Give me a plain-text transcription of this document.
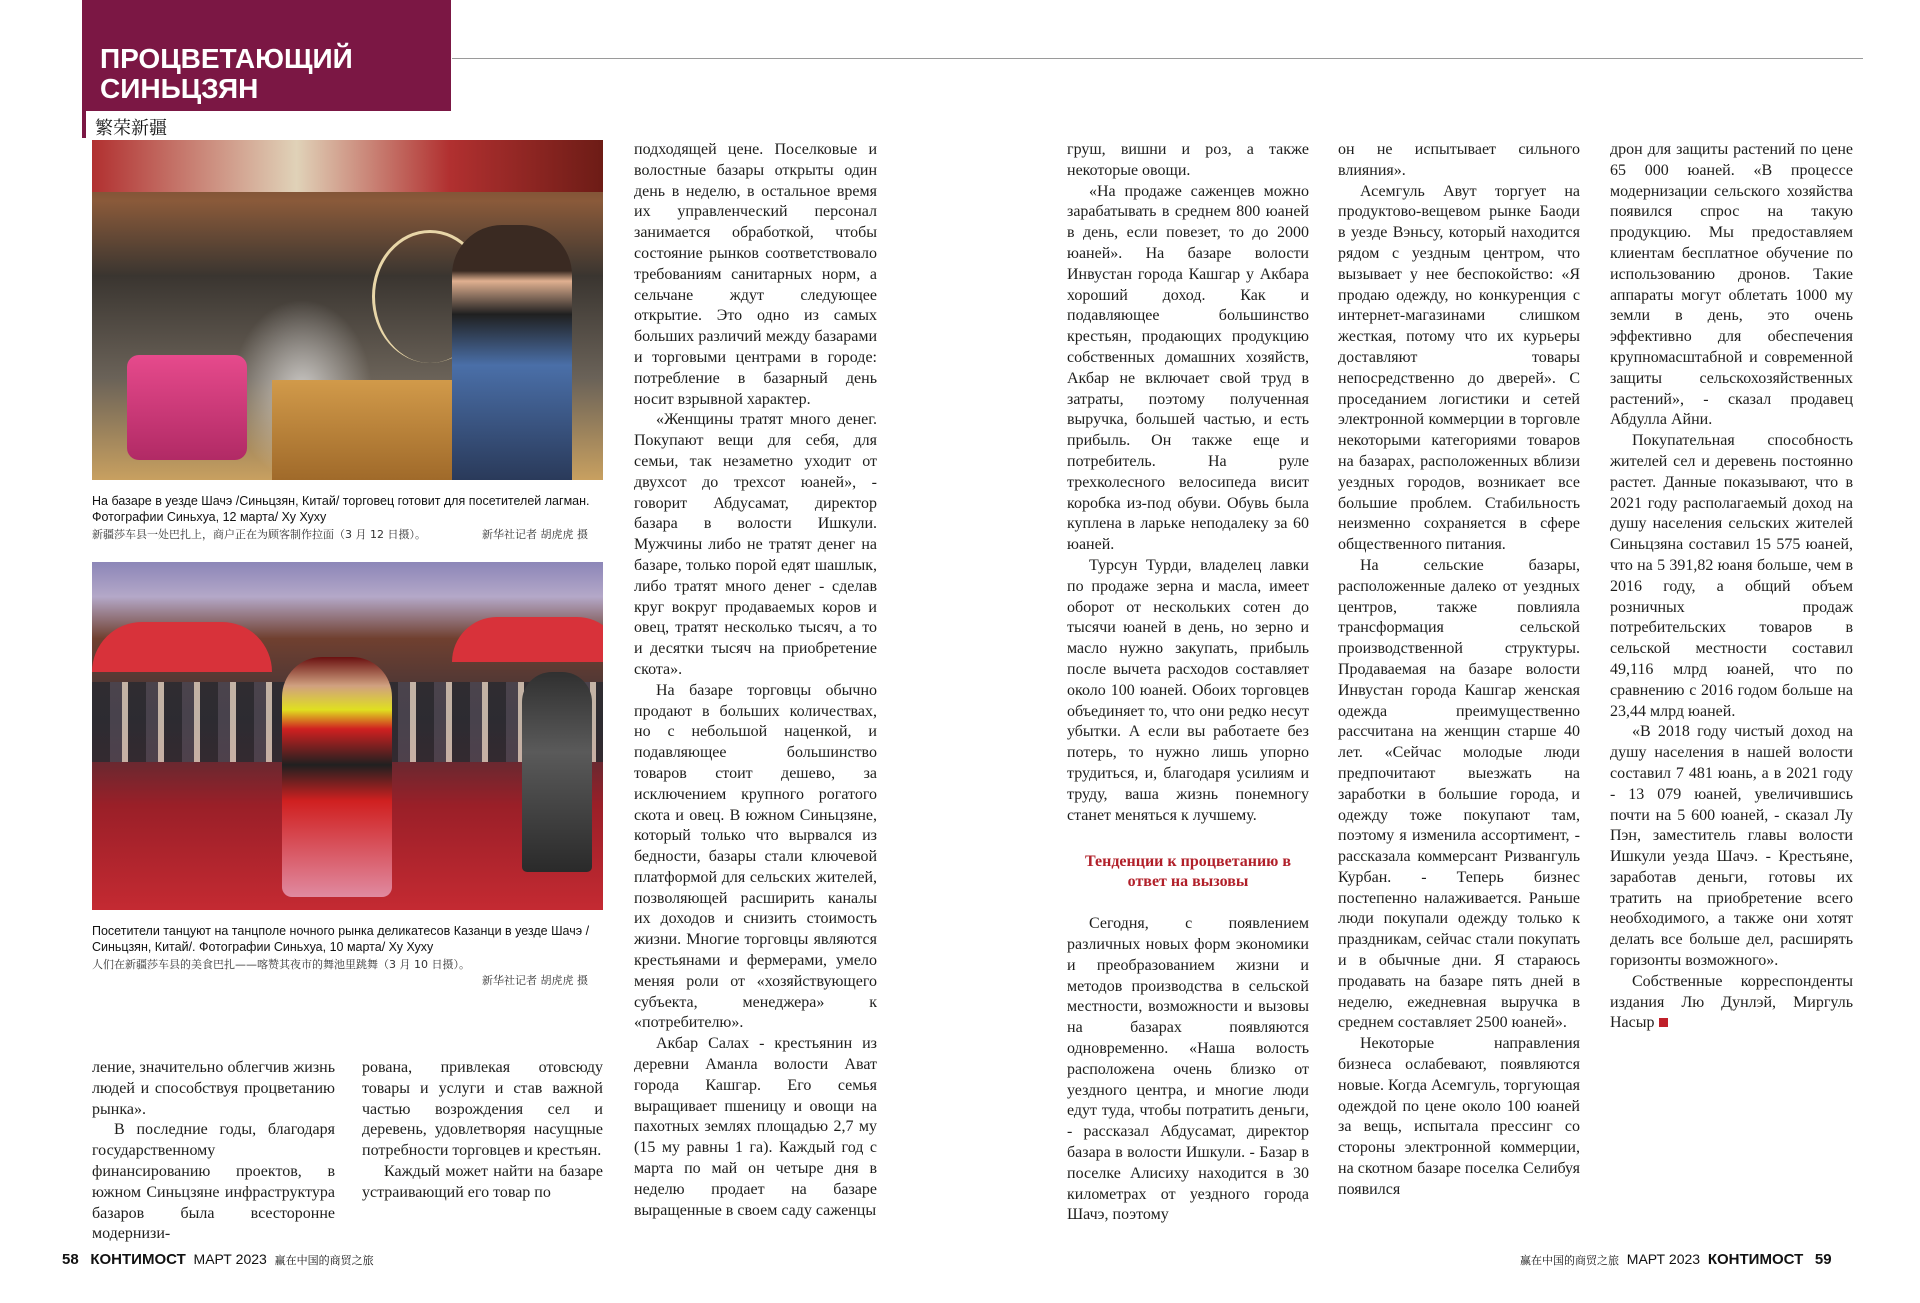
ПРОЦВЕТАЮЩИЙ
СИНЬЦЗЯН
繁荣新疆
На базаре в уезде Шачэ /Синьцзян, Китай/ торговец готовит для посетителей лагман. Фотографии Синьхуа, 12 марта/ Ху Хуху
新疆莎车县一处巴扎上，商户正在为顾客制作拉面（3 月 12 日摄）。	新华社记者 胡虎虎 摄
Посетители танцуют на танцполе ночного рынка деликатесов Казанци в уезде Шачэ /Синьцзян, Китай/. Фотографии Синьхуа, 10 марта/ Ху Хуху
人们在新疆莎车县的美食巴扎——喀赞其夜市的舞池里跳舞（3 月 10 日摄）。
新华社记者 胡虎虎 摄

ление, значительно облегчив жизнь людей и способствуя процветанию рынка».

В последние годы, благодаря государственному финансированию проектов, в южном Синьцзяне инфраструктура базаров была всесторонне модернизи-

рована, привлекая отовсюду товары и услуги и став важной частью возрождения сел и деревень, удовлетворяя насущные потребности торговцев и крестьян.

Каждый может найти на базаре устраивающий его товар по

подходящей цене. Поселковые и волостные базары открыты один день в неделю, в остальное время их управленческий персонал занимается обработкой, чтобы состояние рынков соответствовало требованиям санитарных норм, а сельчане ждут следующее открытие. Это одно из самых больших различий между базарами и торговыми центрами в городе: потребление в базарный день носит взрывной характер.

«Женщины тратят много денег. Покупают вещи для себя, для семьи, так незаметно уходит от двухсот до трехсот юаней», - говорит Абдусамат, директор базара в волости Ишкули. Мужчины либо не тратят денег на базаре, только порой едят шашлык, либо тратят много денег - сделав круг вокруг продаваемых коров и овец, тратят несколько тысяч, а то и десятки тысяч на приобретение скота».

На базаре торговцы обычно продают в больших количествах, но с небольшой наценкой, и подавляющее большинство товаров стоит дешево, за исключением крупного рогатого скота и овец. В южном Синьцзяне, который только что вырвался из бедности, базары стали ключевой платформой для сельских жителей, позволяющей расширить каналы их доходов и снизить стоимость жизни. Многие торговцы являются крестьянами и фермерами, умело меняя роли от «хозяйствующего субъекта, менеджера» к «потребителю».

Акбар Салах - крестьянин из деревни Аманла волости Ават города Кашгар. Его семья выращивает пшеницу и овощи на пахотных землях площадью 2,7 му (15 му равны 1 га). Каждый год с марта по май он четыре дня в неделю продает на базаре выращенные в своем саду саженцы

груш, вишни и роз, а также некоторые овощи.

«На продаже саженцев можно зарабатывать в среднем 800 юаней в день, если повезет, то до 2000 юаней». На базаре волости Инвустан города Кашгар у Акбара хороший доход. Как и подавляющее большинство крестьян, продающих продукцию собственных домашних хозяйств, Акбар не включает свой труд в затраты, поэтому полученная выручка, большей частью, и есть прибыль. Он также еще и потребитель. На руле трехколесного велосипеда висит коробка из-под обуви. Обувь была куплена в ларьке неподалеку за 60 юаней.

Турсун Турди, владелец лавки по продаже зерна и масла, имеет оборот от нескольких сотен до тысячи юаней в день, но зерно и масло нужно закупать, прибыль после вычета расходов составляет около 100 юаней. Обоих торговцев объединяет то, что они редко несут убытки. А если вы работаете без потерь, то нужно лишь упорно трудиться, и, благодаря усилиям и труду, ваша жизнь понемногу станет меняться к лучшему.

Тенденции к процветанию в ответ на вызовы

Сегодня, с появлением различных новых форм экономики и преобразованием жизни и методов производства в сельской местности, возможности и вызовы на базарах появляются одновременно. «Наша волость расположена очень близко от уездного центра, и многие люди едут туда, чтобы потратить деньги, - рассказал Абдусамат, директор базара в волости Ишкули. - Базар в поселке Алисиху находится в 30 километрах от уездного города Шачэ, поэтому

он не испытывает сильного влияния».

Асемгуль Авут торгует на продуктово-вещевом рынке Баоди в уезде Вэньсу, который находится рядом с уездным центром, что вызывает у нее беспокойство: «Я продаю одежду, но конкуренция с интернет-магазинами слишком жесткая, потому что их курьеры доставляют товары непосредственно до дверей». С проседанием логистики и сетей электронной коммерции в торговле некоторыми категориями товаров на базарах, расположенных вблизи уездных городов, возникает все большие проблем. Стабильность неизменно сохраняется в сфере общественного питания.

На сельские базары, расположенные далеко от уездных центров, также повлияла трансформация сельской производственной структуры. Продаваемая на базаре волости Инвустан города Кашгар женская одежда преимущественно рассчитана на женщин старше 40 лет. «Сейчас молодые люди предпочитают выезжать на заработки в большие города, и одежду тоже покупают там, поэтому я изменила ассортимент, - рассказала коммерсант Ризвангуль Курбан. - Теперь бизнес постепенно налаживается. Раньше люди покупали одежду только к праздникам, сейчас стали покупать и в обычные дни. Я стараюсь продавать на базаре пять дней в неделю, ежедневная выручка в среднем составляет 2500 юаней».

Некоторые направления бизнеса ослабевают, появляются новые. Когда Асемгуль, торгующая одеждой по цене около 100 юаней за вещь, испытала прессинг со стороны электронной коммерции, на скотном базаре поселка Селибуя появился

дрон для защиты растений по цене 65 000 юаней. «В процессе модернизации сельского хозяйства появился спрос на такую продукцию. Мы предоставляем клиентам бесплатное обучение по использованию дронов. Такие аппараты могут облетать 1000 му земли в день, это очень эффективно для обеспечения крупномасштабной и современной защиты сельскохозяйственных растений», - сказал продавец Абдулла Айни.

Покупательная способность жителей сел и деревень постоянно растет. Данные показывают, что в 2021 году располагаемый доход на душу населения сельских жителей Синьцзяна составил 15 575 юаней, что на 5 391,82 юаня больше, чем в 2016 году, а общий объем розничных продаж потребительских товаров в сельской местности составил 49,116 млрд юаней, что по сравнению с 2016 годом больше на 23,44 млрд юаней.

«В 2018 году чистый доход на душу населения в нашей волости составил 7 481 юань, а в 2021 году - 13 079 юаней, увеличившись почти на 5 600 юаней, - сказал Лу Пэн, заместитель главы волости Ишкули уезда Шачэ. - Крестьяне, заработав деньги, готовы их тратить на приобретение всего необходимого, а также они хотят делать все больше дел, расширять горизонты возможного».

Собственные корреспонденты издания Лю Дунлэй, Миргуль Насыр

58 КОНТИМОСТ МАРТ 2023 赢在中国的商贸之旅	赢在中国的商贸之旅 МАРТ 2023 КОНТИМОСТ 59
